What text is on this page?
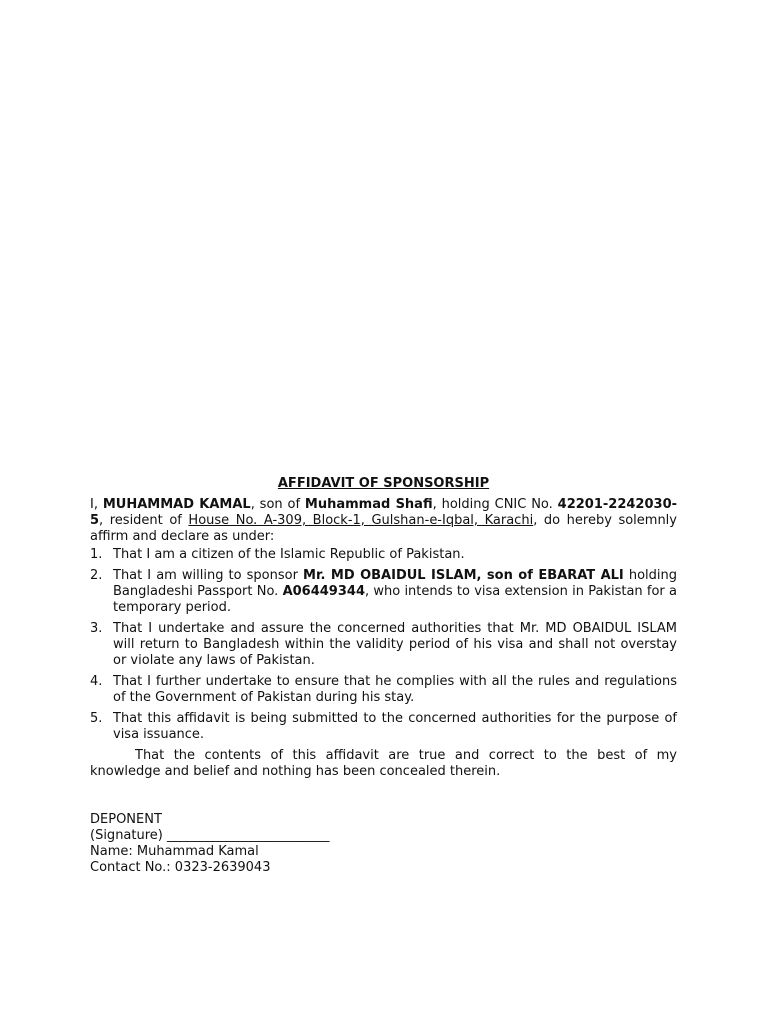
AFFIDAVIT OF SPONSORSHIP

I, MUHAMMAD KAMAL, son of Muhammad Shafi, holding CNIC No. 42201-2242030-5, resident of House No. A-309, Block-1, Gulshan-e-Iqbal, Karachi, do hereby solemnly affirm and declare as under:

1. That I am a citizen of the Islamic Republic of Pakistan.
2. That I am willing to sponsor Mr. MD OBAIDUL ISLAM, son of EBARAT ALI holding Bangladeshi Passport No. A06449344, who intends to visa extension in Pakistan for a temporary period.
3. That I undertake and assure the concerned authorities that Mr. MD OBAIDUL ISLAM will return to Bangladesh within the validity period of his visa and shall not overstay or violate any laws of Pakistan.
4. That I further undertake to ensure that he complies with all the rules and regulations of the Government of Pakistan during his stay.
5. That this affidavit is being submitted to the concerned authorities for the purpose of visa issuance.

That the contents of this affidavit are true and correct to the best of my knowledge and belief and nothing has been concealed therein.

DEPONENT
(Signature) _________________________
Name: Muhammad Kamal
Contact No.: 0323-2639043
